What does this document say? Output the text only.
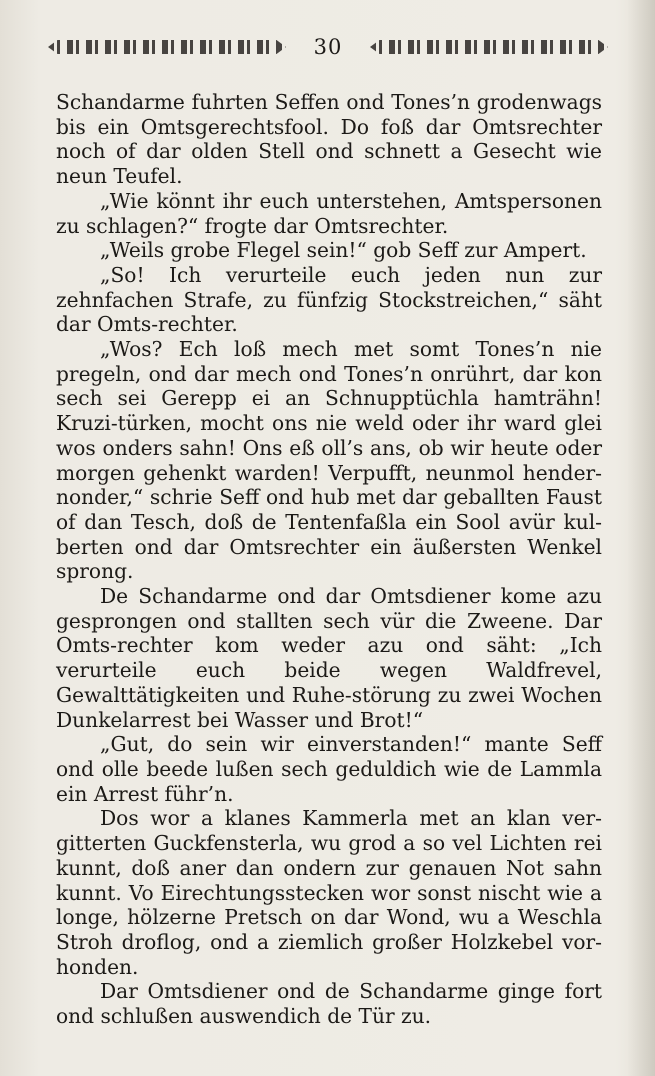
30

Schandarme fuhrten Seffen ond Tones’n grodenwags bis ein Omtsgerechtsfool. Do foß dar Omtsrechter noch of dar olden Stell ond schnett a Gesecht wie neun Teufel.

„Wie könnt ihr euch unterstehen, Amtspersonen zu schlagen?“ frogte dar Omtsrechter.

„Weils grobe Flegel sein!“ gob Seff zur Ampert.

„So! Ich verurteile euch jeden nun zur zehnfachen Strafe, zu fünfzig Stockstreichen,“ säht dar Omts-rechter.

„Wos? Ech loß mech met somt Tones’n nie pregeln, ond dar mech ond Tones’n onrührt, dar kon sech sei Gerepp ei an Schnupptüchla hamträhn! Kruzi-türken, mocht ons nie weld oder ihr ward glei wos onders sahn! Ons eß oll’s ans, ob wir heute oder morgen gehenkt warden! Verpufft, neunmol hender-nonder,“ schrie Seff ond hub met dar geballten Faust of dan Tesch, doß de Tentenfaßla ein Sool avür kul-berten ond dar Omtsrechter ein äußersten Wenkel sprong.

De Schandarme ond dar Omtsdiener kome azu gesprongen ond stallten sech vür die Zweene. Dar Omts-rechter kom weder azu ond säht: „Ich verurteile euch beide wegen Waldfrevel, Gewalttätigkeiten und Ruhe-störung zu zwei Wochen Dunkelarrest bei Wasser und Brot!“

„Gut, do sein wir einverstanden!“ mante Seff ond olle beede lußen sech geduldich wie de Lammla ein Arrest führ’n.

Dos wor a klanes Kammerla met an klan ver-gitterten Guckfensterla, wu grod a so vel Lichten rei kunnt, doß aner dan ondern zur genauen Not sahn kunnt. Vo Eirechtungsstecken wor sonst nischt wie a longe, hölzerne Pretsch on dar Wond, wu a Weschla Stroh droflog, ond a ziemlich großer Holzkebel vor-honden.

Dar Omtsdiener ond de Schandarme ginge fort ond schlußen auswendich de Tür zu.
